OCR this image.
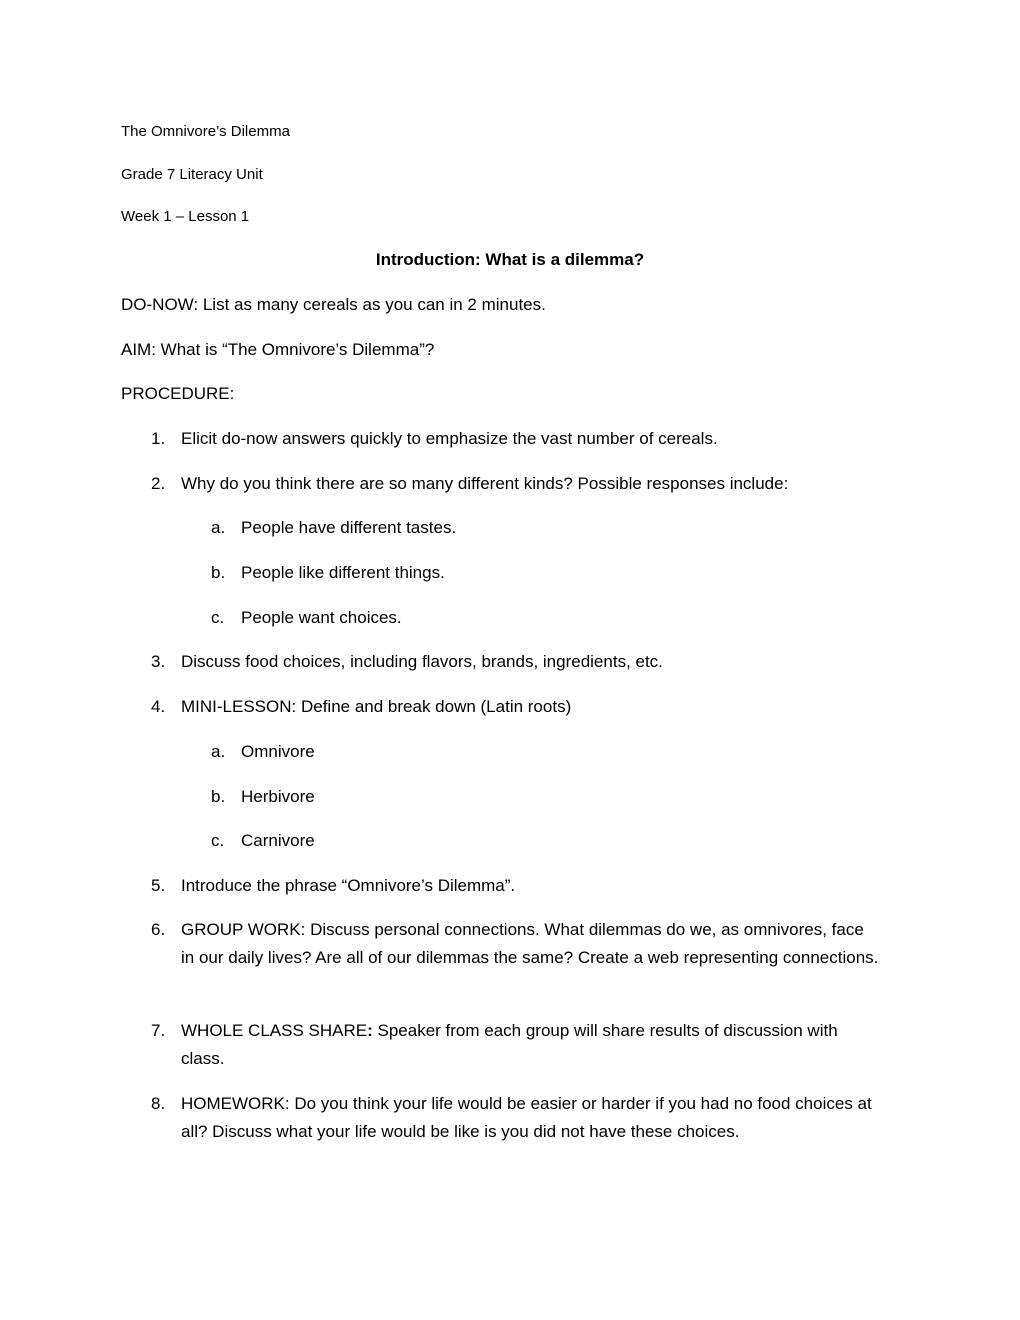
The Omnivore’s Dilemma
Grade 7 Literacy Unit
Week 1 – Lesson 1
Introduction: What is a dilemma?
DO-NOW: List as many cereals as you can in 2 minutes.
AIM: What is “The Omnivore’s Dilemma”?
PROCEDURE:
1. Elicit do-now answers quickly to emphasize the vast number of cereals.
2. Why do you think there are so many different kinds? Possible responses include:
a. People have different tastes.
b. People like different things.
c. People want choices.
3. Discuss food choices, including flavors, brands, ingredients, etc.
4. MINI-LESSON: Define and break down (Latin roots)
a. Omnivore
b. Herbivore
c. Carnivore
5. Introduce the phrase “Omnivore’s Dilemma”.
6. GROUP WORK: Discuss personal connections. What dilemmas do we, as omnivores, face in our daily lives? Are all of our dilemmas the same? Create a web representing connections.
7. WHOLE CLASS SHARE: Speaker from each group will share results of discussion with class.
8. HOMEWORK: Do you think your life would be easier or harder if you had no food choices at all? Discuss what your life would be like is you did not have these choices.
